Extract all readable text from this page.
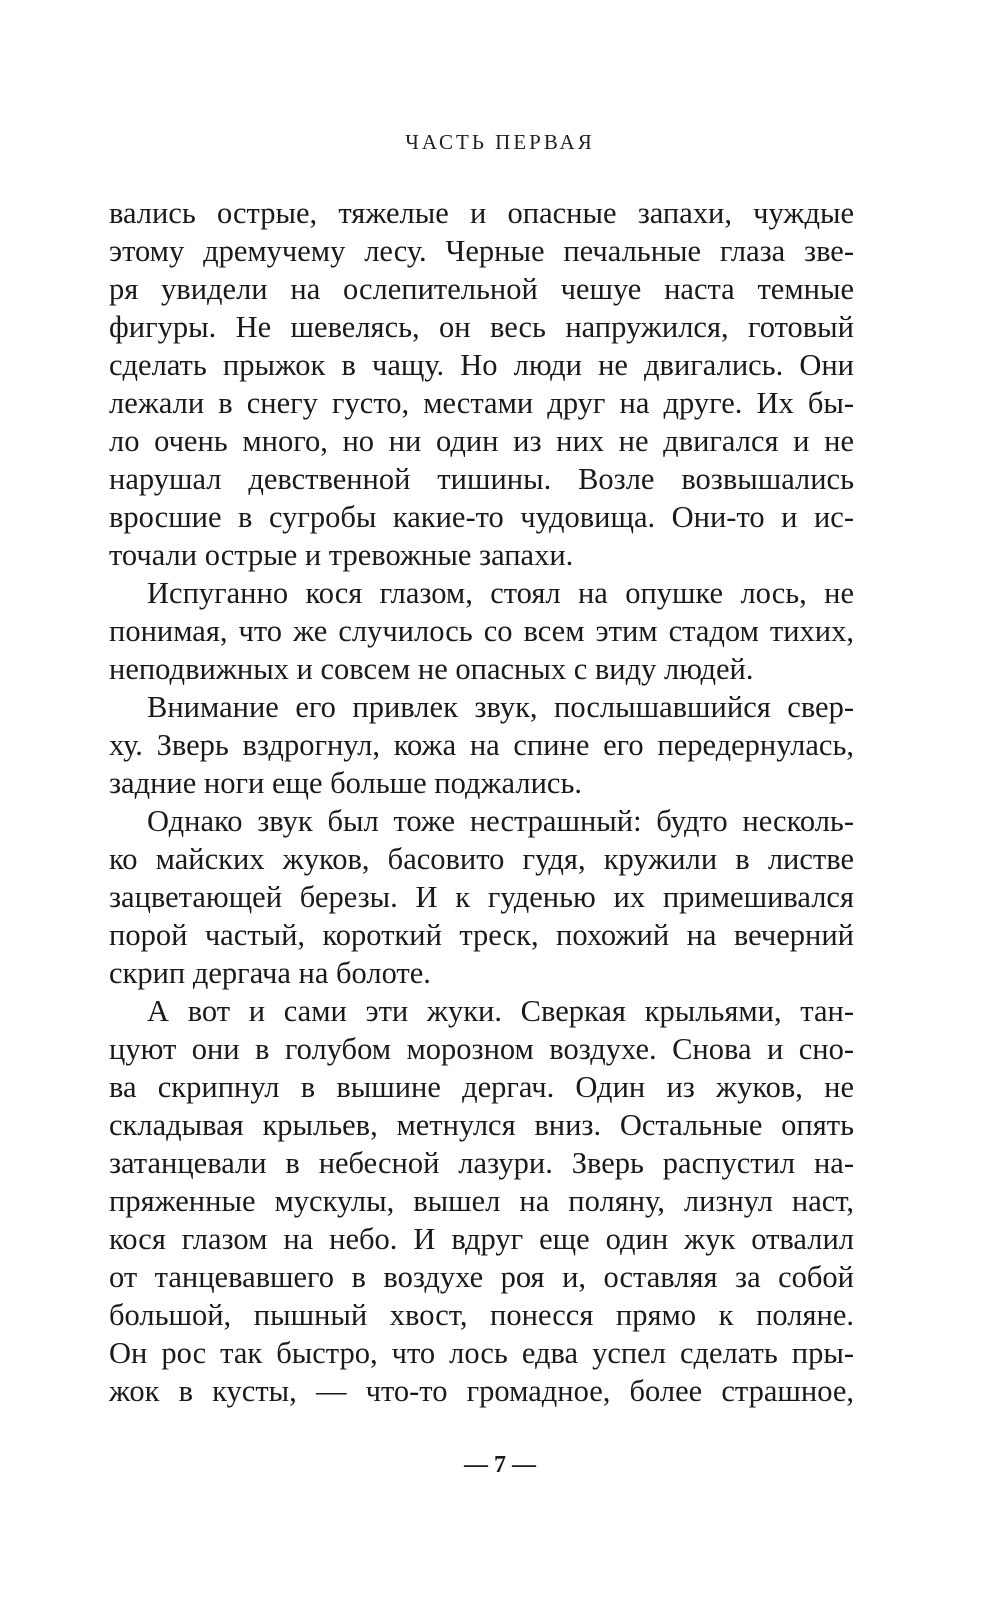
ЧАСТЬ ПЕРВАЯ
вались острые, тяжелые и опасные запахи, чуждые
этому дремучему лесу. Черные печальные глаза зве-
ря увидели на ослепительной чешуе наста темные
фигуры. Не шевелясь, он весь напружился, готовый
сделать прыжок в чащу. Но люди не двигались. Они
лежали в снегу густо, местами друг на друге. Их бы-
ло очень много, но ни один из них не двигался и не
нарушал девственной тишины. Возле возвышались
вросшие в сугробы какие-то чудовища. Они-то и ис-
точали острые и тревожные запахи.
Испуганно кося глазом, стоял на опушке лось, не
понимая, что же случилось со всем этим стадом тихих,
неподвижных и совсем не опасных с виду людей.
Внимание его привлек звук, послышавшийся свер-
ху. Зверь вздрогнул, кожа на спине его передернулась,
задние ноги еще больше поджались.
Однако звук был тоже нестрашный: будто несколь-
ко майских жуков, басовито гудя, кружили в листве
зацветающей березы. И к гуденью их примешивался
порой частый, короткий треск, похожий на вечерний
скрип дергача на болоте.
А вот и сами эти жуки. Сверкая крыльями, тан-
цуют они в голубом морозном воздухе. Снова и сно-
ва скрипнул в вышине дергач. Один из жуков, не
складывая крыльев, метнулся вниз. Остальные опять
затанцевали в небесной лазури. Зверь распустил на-
пряженные мускулы, вышел на поляну, лизнул наст,
кося глазом на небо. И вдруг еще один жук отвалил
от танцевавшего в воздухе роя и, оставляя за собой
большой, пышный хвост, понесся прямо к поляне.
Он рос так быстро, что лось едва успел сделать пры-
жок в кусты, — что-то громадное, более страшное,
— 7 —
